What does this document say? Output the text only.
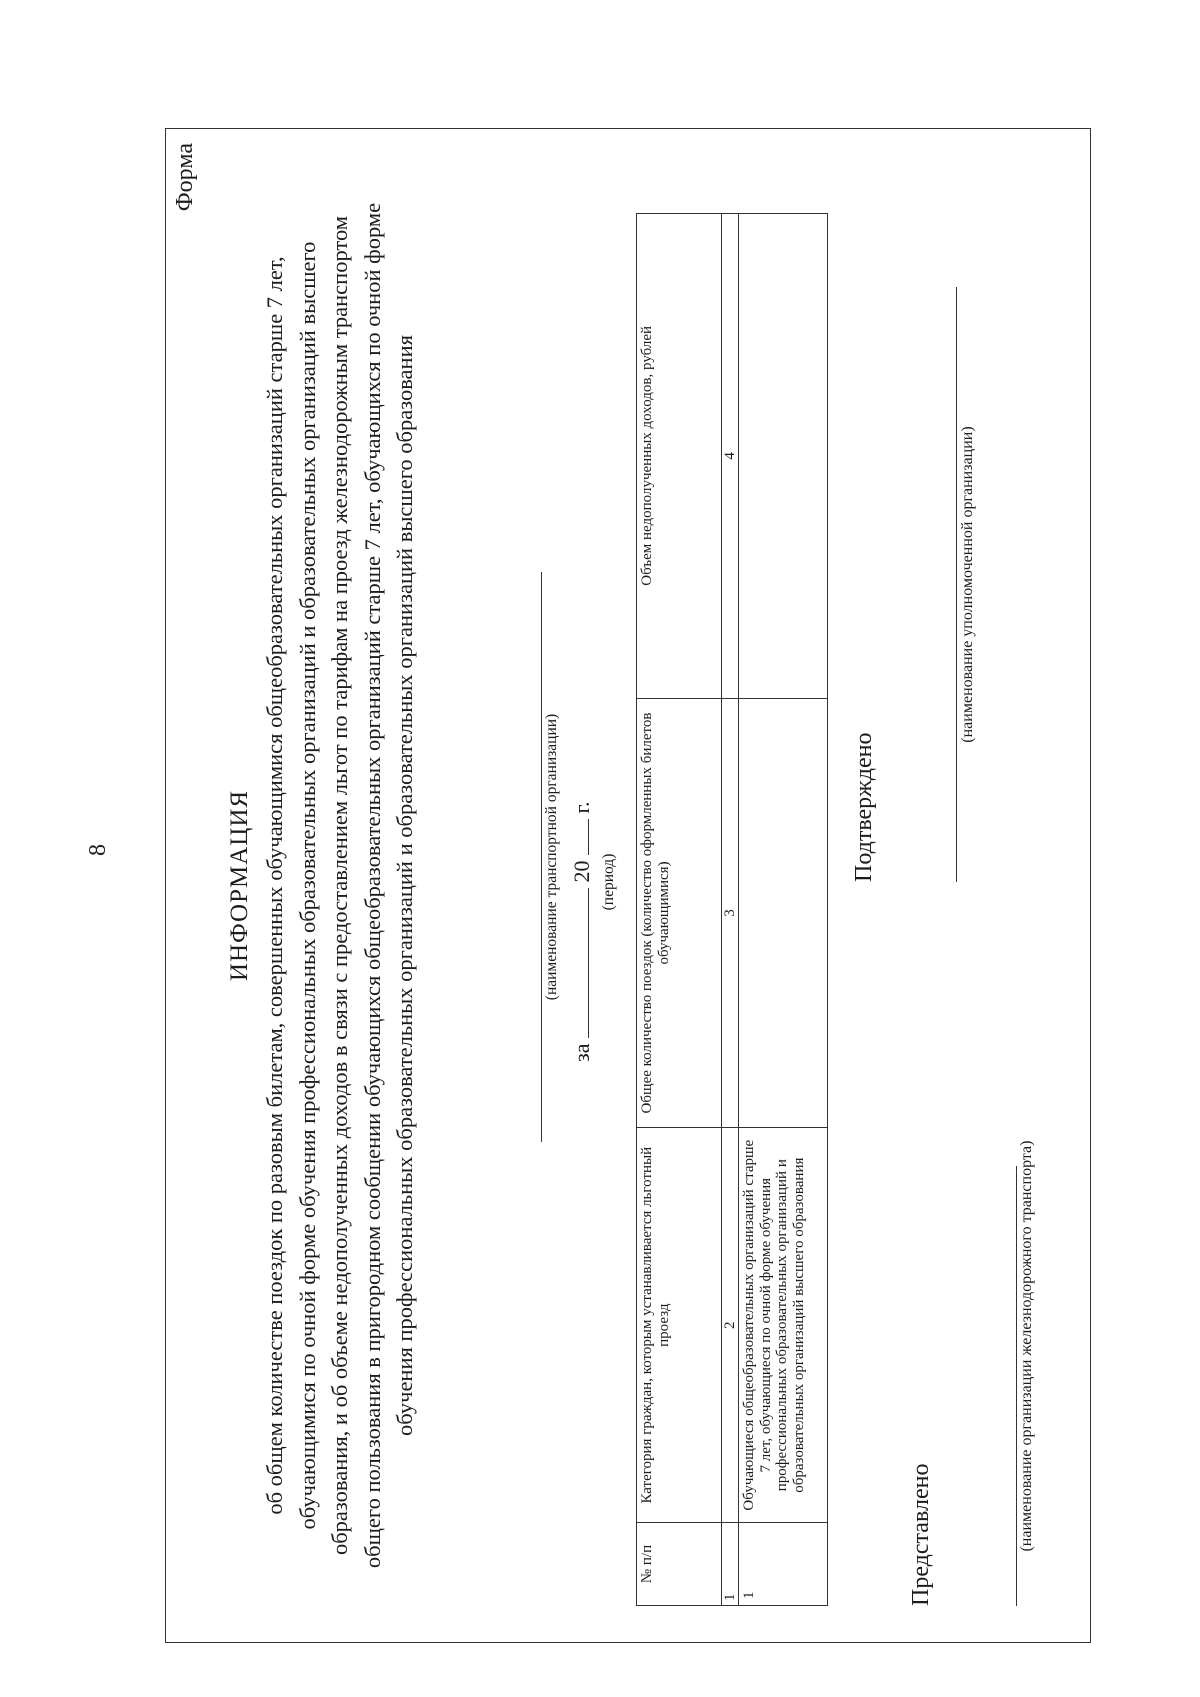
8
Форма
ИНФОРМАЦИЯ об общем количестве поездок по разовым билетам, совершенных обучающимися общеобразовательных организаций старше 7 лет, обучающимися по очной форме обучения профессиональных образовательных организаций и образовательных организаций высшего образования, и об объеме недополученных доходов в связи с предоставлением льгот по тарифам на проезд железнодорожным транспортом общего пользования в пригородном сообщении обучающихся общеобразовательных организаций старше 7 лет, обучающихся по очной форме обучения профессиональных образовательных организаций и образовательных организаций высшего образования	(наименование транспортной организации)
за  20  г.
(период)
№ п/п	Категория граждан, которым устанавливается льготный проезд	Общее количество поездок (количество оформленных билетов обучающимися)	Объем недополученных доходов, рублей
1	2	3	4
1	Обучающиеся общеобразовательных организаций старше 7 лет, обучающиеся по очной форме обучения профессиональных образовательных организаций и образовательных организаций высшего образования		
Представлено	(наименование организации железнодорожного транспорта)
Подтверждено
(наименование уполномоченной организации)
